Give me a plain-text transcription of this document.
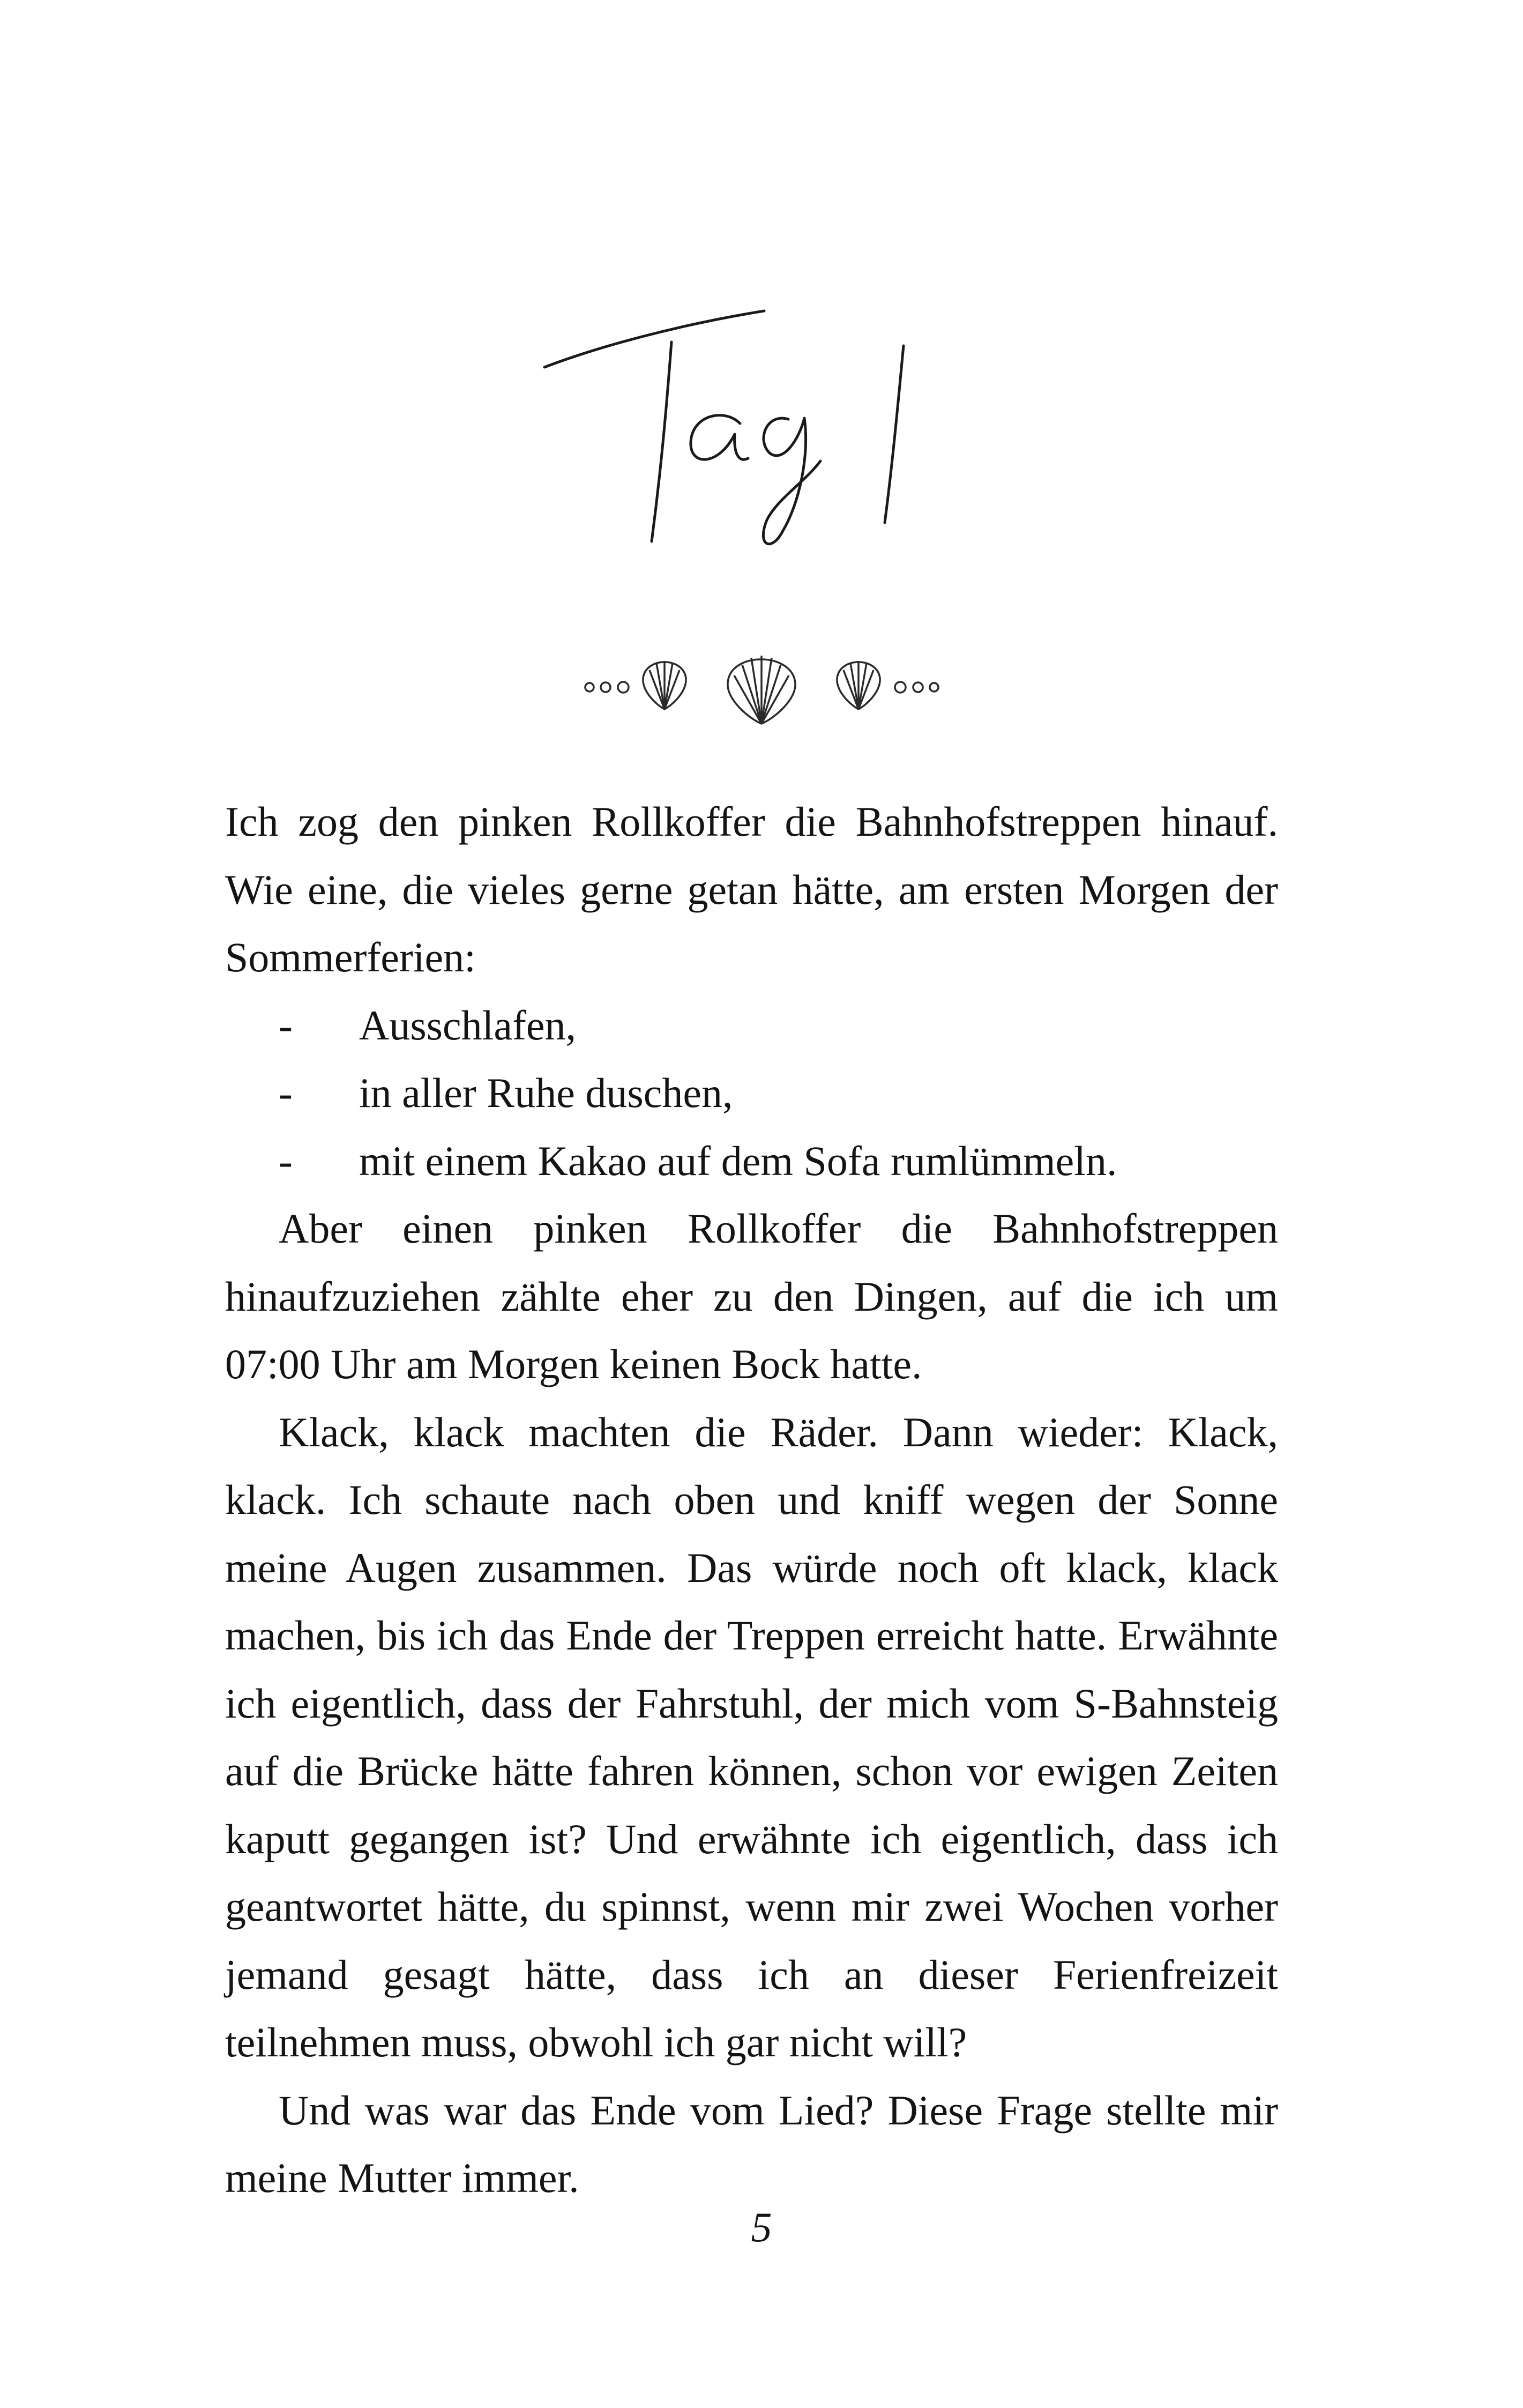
Ich zog den pinken Rollkoffer die Bahnhofstreppen hinauf. Wie eine, die vieles gerne getan hätte, am ersten Morgen der Sommerferien:

- Ausschlafen,
- in aller Ruhe duschen,
- mit einem Kakao auf dem Sofa rumlümmeln.

Aber einen pinken Rollkoffer die Bahnhofstreppen hinaufzuziehen zählte eher zu den Dingen, auf die ich um 07:00 Uhr am Morgen keinen Bock hatte.

Klack, klack machten die Räder. Dann wieder: Klack, klack. Ich schaute nach oben und kniff wegen der Sonne meine Augen zusammen. Das würde noch oft klack, klack machen, bis ich das Ende der Treppen erreicht hatte. Erwähnte ich eigentlich, dass der Fahrstuhl, der mich vom S-Bahnsteig auf die Brücke hätte fahren können, schon vor ewigen Zeiten kaputt gegangen ist? Und erwähnte ich eigentlich, dass ich geantwortet hätte, du spinnst, wenn mir zwei Wochen vorher jemand gesagt hätte, dass ich an dieser Ferienfreizeit teilnehmen muss, obwohl ich gar nicht will?

Und was war das Ende vom Lied? Diese Frage stellte mir meine Mutter immer.

5
